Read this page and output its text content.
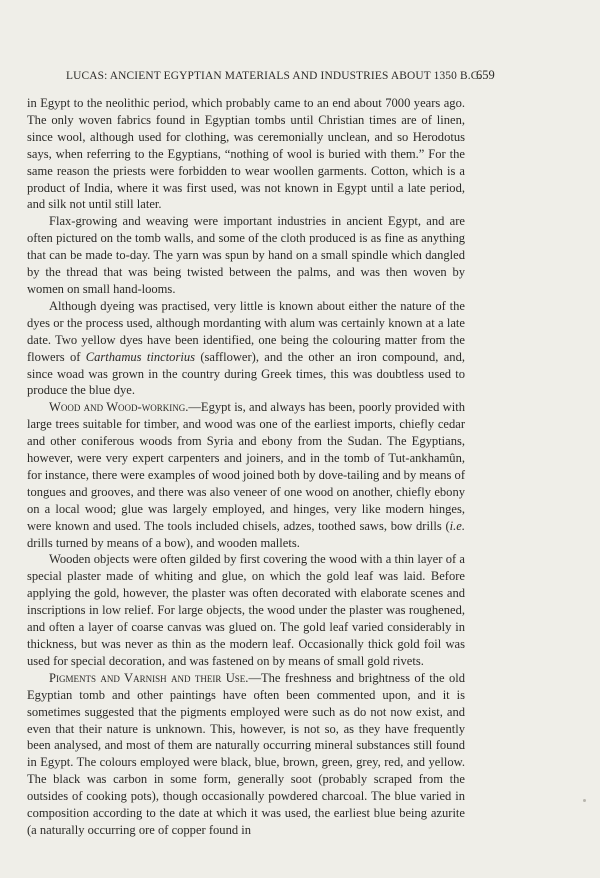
LUCAS: ANCIENT EGYPTIAN MATERIALS AND INDUSTRIES ABOUT 1350 B.C.
659

in Egypt to the neolithic period, which probably came to an end about 7000 years ago. The only woven fabrics found in Egyptian tombs until Christian times are of linen, since wool, although used for clothing, was ceremonially unclean, and so Herodotus says, when referring to the Egyptians, “nothing of wool is buried with them.” For the same reason the priests were forbidden to wear woollen garments. Cotton, which is a product of India, where it was first used, was not known in Egypt until a late period, and silk not until still later.

Flax-growing and weaving were important industries in ancient Egypt, and are often pictured on the tomb walls, and some of the cloth produced is as fine as anything that can be made to-day. The yarn was spun by hand on a small spindle which dangled by the thread that was being twisted between the palms, and was then woven by women on small hand-looms.

Although dyeing was practised, very little is known about either the nature of the dyes or the process used, although mordanting with alum was certainly known at a late date. Two yellow dyes have been identified, one being the colouring matter from the flowers of Carthamus tinctorius (safflower), and the other an iron compound, and, since woad was grown in the country during Greek times, this was doubtless used to produce the blue dye.

Wood and Wood-working.—Egypt is, and always has been, poorly provided with large trees suitable for timber, and wood was one of the earliest imports, chiefly cedar and other coniferous woods from Syria and ebony from the Sudan. The Egyptians, however, were very expert carpenters and joiners, and in the tomb of Tut-ankhamûn, for instance, there were examples of wood joined both by dove-tailing and by means of tongues and grooves, and there was also veneer of one wood on another, chiefly ebony on a local wood; glue was largely employed, and hinges, very like modern hinges, were known and used. The tools included chisels, adzes, toothed saws, bow drills (i.e. drills turned by means of a bow), and wooden mallets.

Wooden objects were often gilded by first covering the wood with a thin layer of a special plaster made of whiting and glue, on which the gold leaf was laid. Before applying the gold, however, the plaster was often decorated with elaborate scenes and inscriptions in low relief. For large objects, the wood under the plaster was roughened, and often a layer of coarse canvas was glued on. The gold leaf varied considerably in thickness, but was never as thin as the modern leaf. Occasionally thick gold foil was used for special decoration, and was fastened on by means of small gold rivets.

Pigments and Varnish and their Use.—The freshness and brightness of the old Egyptian tomb and other paintings have often been commented upon, and it is sometimes suggested that the pigments employed were such as do not now exist, and even that their nature is unknown. This, however, is not so, as they have frequently been analysed, and most of them are naturally occurring mineral substances still found in Egypt. The colours employed were black, blue, brown, green, grey, red, and yellow. The black was carbon in some form, generally soot (probably scraped from the outsides of cooking pots), though occasionally powdered charcoal. The blue varied in composition according to the date at which it was used, the earliest blue being azurite (a naturally occurring ore of copper found in
